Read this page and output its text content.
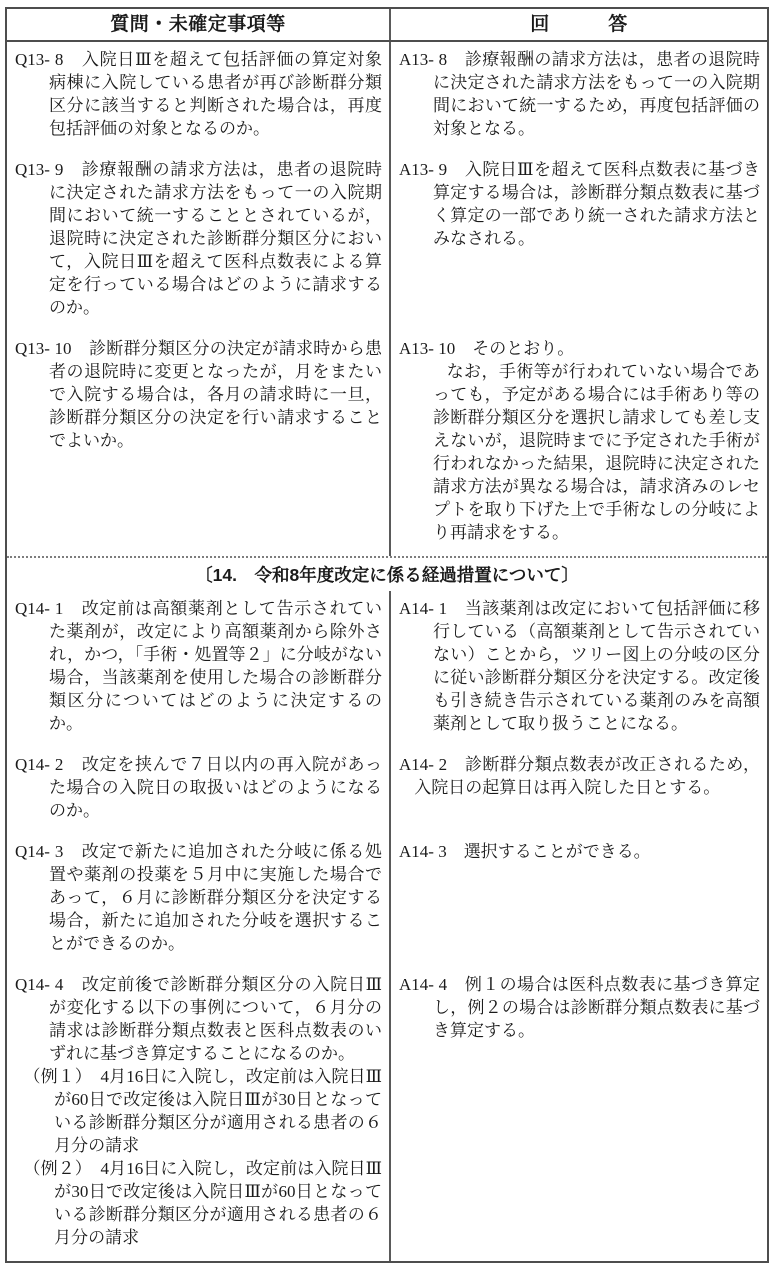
質問・未確定事項等	回　　　答

Q13- 8　入院日Ⅲを超えて包括評価の算定対象病棟に入院している患者が再び診断群分類区分に該当すると判断された場合は，再度包括評価の対象となるのか。

A13- 8　診療報酬の請求方法は，患者の退院時に決定された請求方法をもって一の入院期間において統一するため，再度包括評価の対象となる。

Q13- 9　診療報酬の請求方法は，患者の退院時に決定された請求方法をもって一の入院期間において統一することとされているが，退院時に決定された診断群分類区分において，入院日Ⅲを超えて医科点数表による算定を行っている場合はどのように請求するのか。

A13- 9　入院日Ⅲを超えて医科点数表に基づき算定する場合は，診断群分類点数表に基づく算定の一部であり統一された請求方法とみなされる。

Q13- 10　診断群分類区分の決定が請求時から患者の退院時に変更となったが，月をまたいで入院する場合は，各月の請求時に一旦，診断群分類区分の決定を行い請求することでよいか。

A13- 10　そのとおり。

なお，手術等が行われていない場合であっても，予定がある場合には手術あり等の診断群分類区分を選択し請求しても差し支えないが，退院時までに予定された手術が行われなかった結果，退院時に決定された請求方法が異なる場合は，請求済みのレセプトを取り下げた上で手術なしの分岐により再請求をする。

〔14.　令和8年度改定に係る経過措置について〕

Q14- 1　改定前は高額薬剤として告示されていた薬剤が，改定により高額薬剤から除外され，かつ，「手術・処置等２」に分岐がない場合，当該薬剤を使用した場合の診断群分類区分についてはどのように決定するのか。

A14- 1　当該薬剤は改定において包括評価に移行している（高額薬剤として告示されていない）ことから，ツリー図上の分岐の区分に従い診断群分類区分を決定する。改定後も引き続き告示されている薬剤のみを高額薬剤として取り扱うことになる。

Q14- 2　改定を挟んで７日以内の再入院があった場合の入院日の取扱いはどのようになるのか。

A14- 2　診断群分類点数表が改正されるため，入院日の起算日は再入院した日とする。

Q14- 3　改定で新たに追加された分岐に係る処置や薬剤の投薬を５月中に実施した場合であって，６月に診断群分類区分を決定する場合，新たに追加された分岐を選択することができるのか。

A14- 3　選択することができる。

Q14- 4　改定前後で診断群分類区分の入院日Ⅲが変化する以下の事例について，６月分の請求は診断群分類点数表と医科点数表のいずれに基づき算定することになるのか。

（例１）　4月16日に入院し，改定前は入院日Ⅲが60日で改定後は入院日Ⅲが30日となっている診断群分類区分が適用される患者の６月分の請求

（例２）　4月16日に入院し，改定前は入院日Ⅲが30日で改定後は入院日Ⅲが60日となっている診断群分類区分が適用される患者の６月分の請求

A14- 4　例１の場合は医科点数表に基づき算定し，例２の場合は診断群分類点数表に基づき算定する。
